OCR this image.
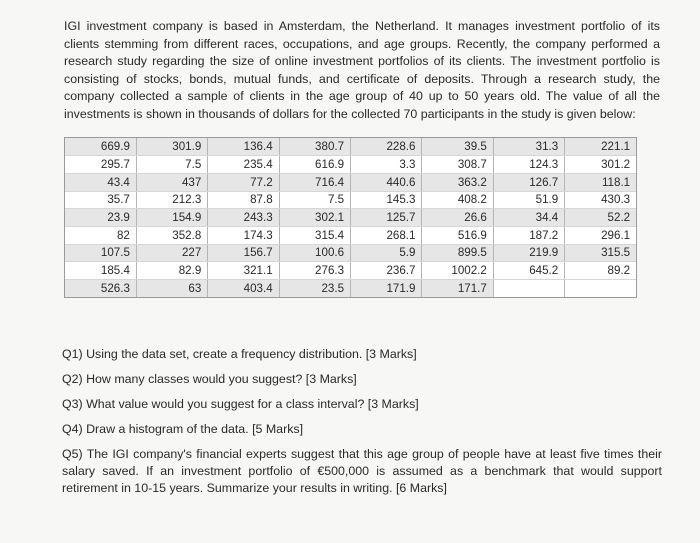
IGI investment company is based in Amsterdam, the Netherland. It manages investment portfolio of its clients stemming from different races, occupations, and age groups. Recently, the company performed a research study regarding the size of online investment portfolios of its clients. The investment portfolio is consisting of stocks, bonds, mutual funds, and certificate of deposits. Through a research study, the company collected a sample of clients in the age group of 40 up to 50 years old. The value of all the investments is shown in thousands of dollars for the collected 70 participants in the study is given below:

669.9	301.9	136.4	380.7	228.6	39.5	31.3	221.1
295.7	7.5	235.4	616.9	3.3	308.7	124.3	301.2
43.4	437	77.2	716.4	440.6	363.2	126.7	118.1
35.7	212.3	87.8	7.5	145.3	408.2	51.9	430.3
23.9	154.9	243.3	302.1	125.7	26.6	34.4	52.2
82	352.8	174.3	315.4	268.1	516.9	187.2	296.1
107.5	227	156.7	100.6	5.9	899.5	219.9	315.5
185.4	82.9	321.1	276.3	236.7	1002.2	645.2	89.2
526.3	63	403.4	23.5	171.9	171.7		

Q1) Using the data set, create a frequency distribution. [3 Marks]

Q2) How many classes would you suggest? [3 Marks]

Q3) What value would you suggest for a class interval? [3 Marks]

Q4) Draw a histogram of the data. [5 Marks]

Q5) The IGI company's financial experts suggest that this age group of people have at least five times their salary saved. If an investment portfolio of €500,000 is assumed as a benchmark that would support retirement in 10-15 years. Summarize your results in writing. [6 Marks]
